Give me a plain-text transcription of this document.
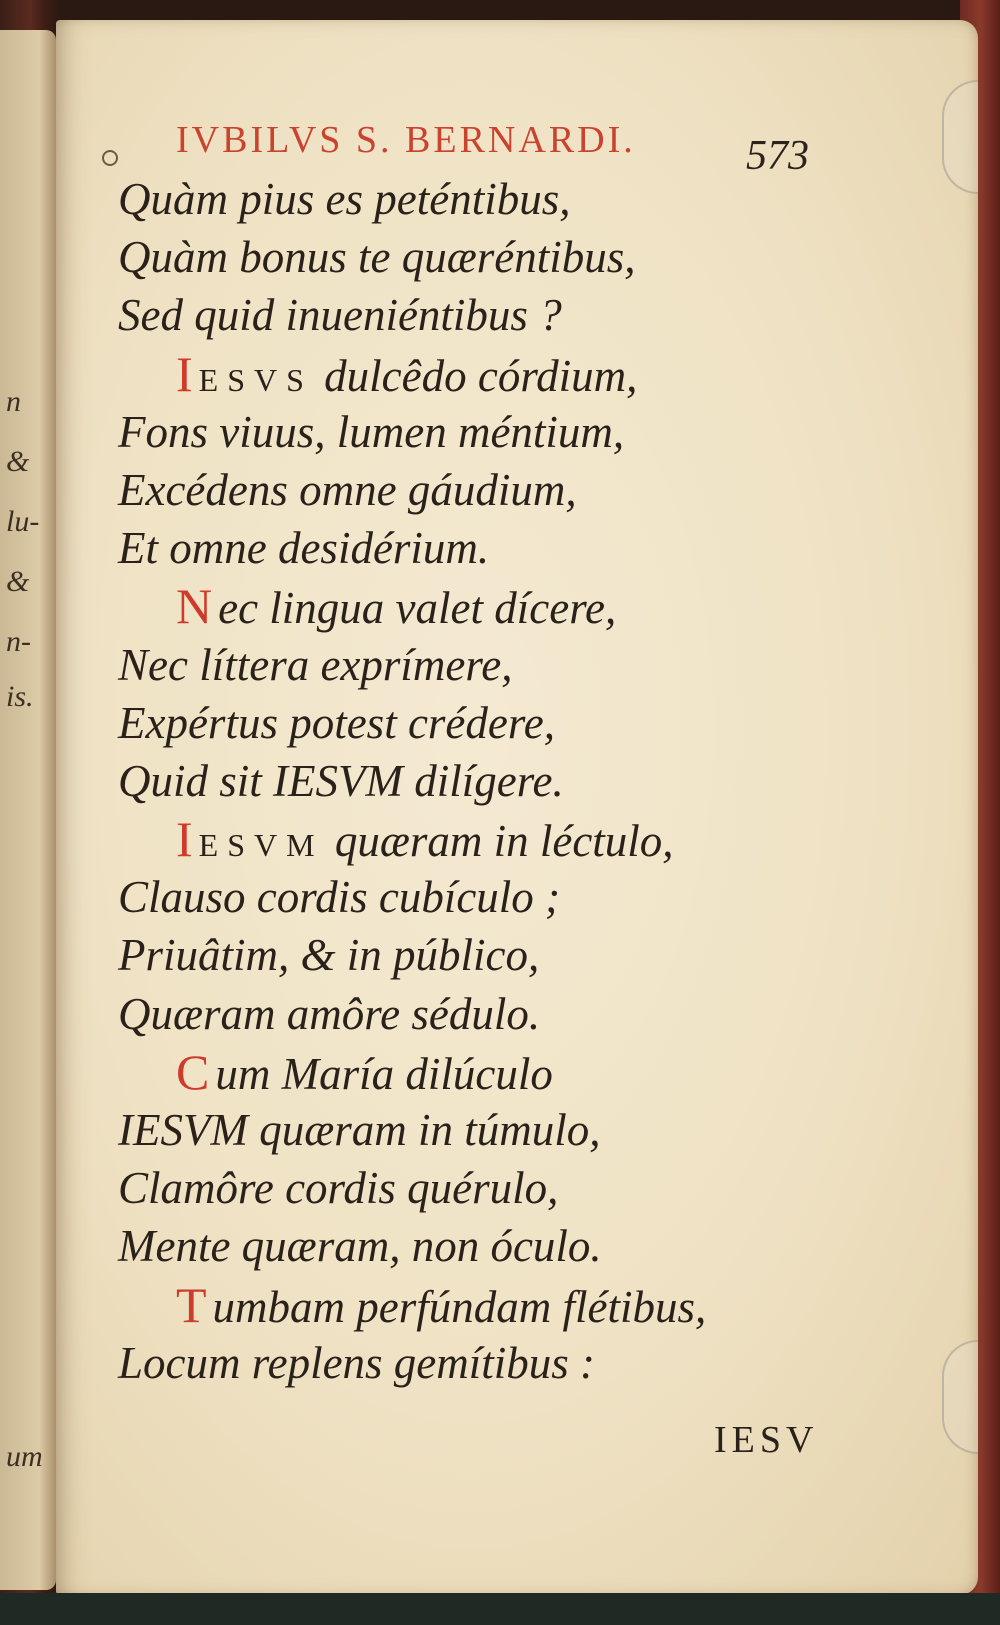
n
&
lu-
&
n-
is.
um
IVBILVS S. BERNARDI.	573
Quàm pius es peténtibus,
Quàm bonus te quæréntibus,
Sed quid inueniéntibus ?
IESVS dulcêdo córdium,
Fons viuus, lumen méntium,
Excédens omne gáudium,
Et omne desidérium.
N ec lingua valet dícere,
Nec líttera exprímere,
Expértus potest crédere,
Quid sit IESVM dilígere.
IESVM quæram in léctulo,
Clauso cordis cubículo ;
Priuâtim, & in público,
Quæram amôre sédulo.
C um María dilúculo
IESVM quæram in túmulo,
Clamôre cordis quérulo,
Mente quæram, non óculo.
T umbam perfúndam flétibus,
Locum replens gemítibus :
IESV
